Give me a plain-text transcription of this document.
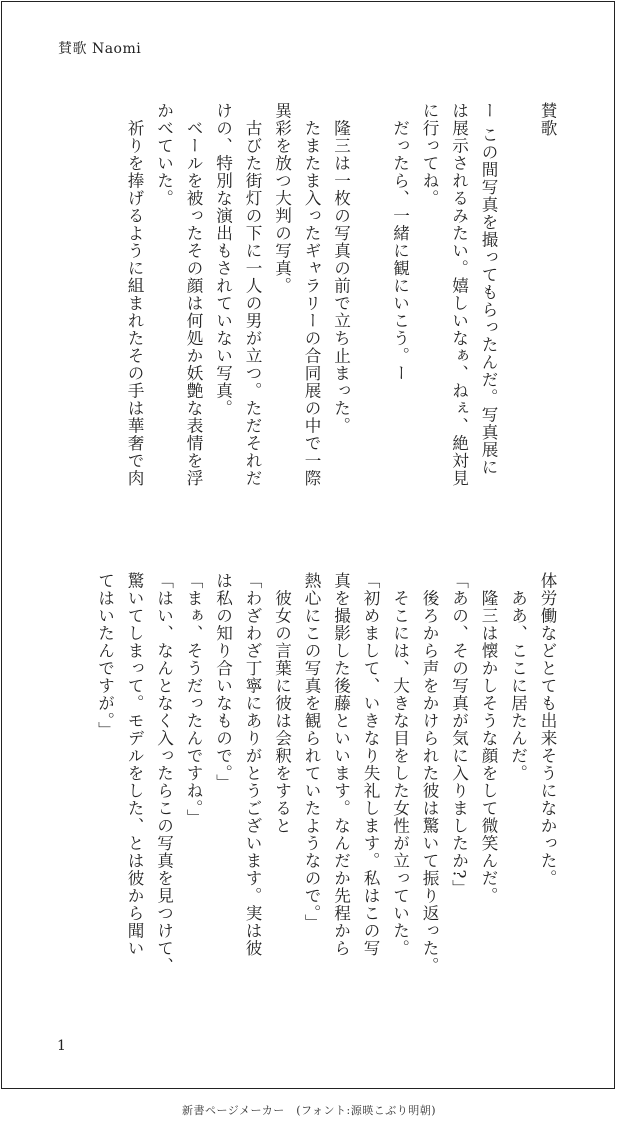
賛歌 Naomi
賛歌

ー この間写真を撮ってもらったんだ。写真展に
は展示されるみたい。嬉しいなぁ、ねぇ、絶対見
に行ってね。
　だったら、一緒に観にいこう。ー

　隆三は一枚の写真の前で立ち止まった。
　たまたま入ったギャラリーの合同展の中で一際
異彩を放つ大判の写真。
　古びた街灯の下に一人の男が立つ。ただそれだ
けの、特別な演出もされていない写真。
　ベールを被ったその顔は何処か妖艶な表情を浮
かべていた。
　祈りを捧げるように組まれたその手は華奢で肉
体労働などとても出来そうになかった。
　ああ、ここに居たんだ。
　隆三は懐かしそうな顔をして微笑んだ。
「あの、その写真が気に入りましたか?」
　後ろから声をかけられた彼は驚いて振り返った。
　そこには、大きな目をした女性が立っていた。
「初めまして、いきなり失礼します。私はこの写
真を撮影した後藤といいます。なんだか先程から
熱心にこの写真を観られていたようなので。」
　彼女の言葉に彼は会釈をすると
「わざわざ丁寧にありがとうございます。実は彼
は私の知り合いなもので。」
「まぁ、そうだったんですね。」
「はい、なんとなく入ったらこの写真を見つけて、
驚いてしまって。モデルをした、とは彼から聞い
てはいたんですが。」
1
新書ページメーカー　(フォント:源暎こぶり明朝)
